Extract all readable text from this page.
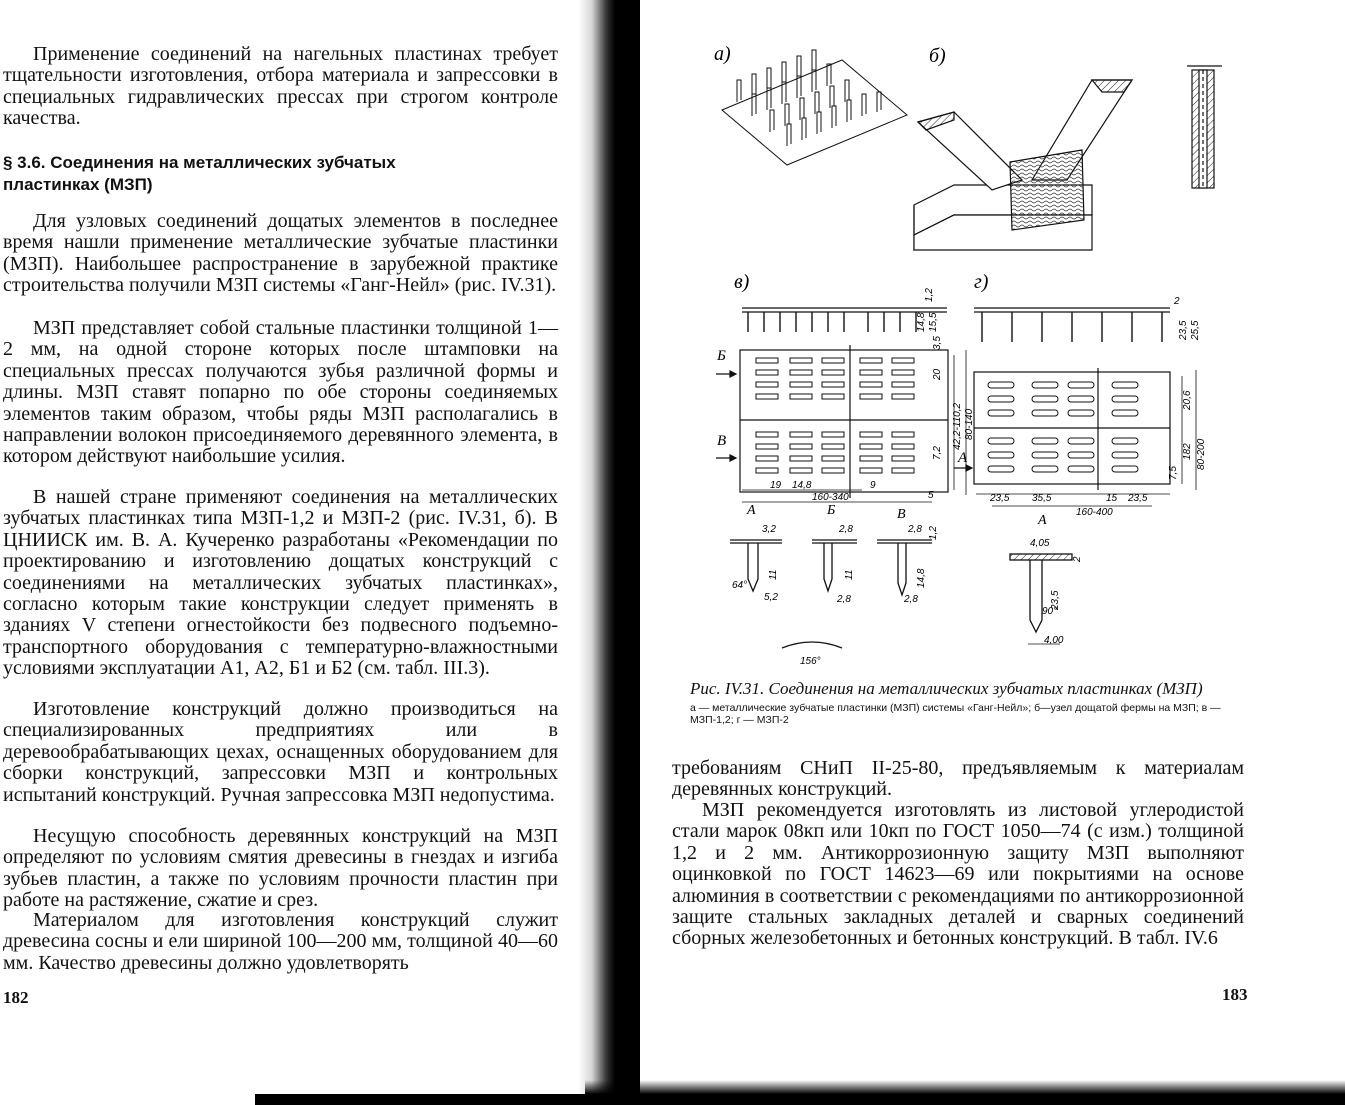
Применение соединений на нагельных пластинах требует тщательности изготовления, отбора материала и запрессовки в специальных гидравлических прессах при строгом контроле качества.

§ 3.6. Соединения на металлических зубчатых пластинках (МЗП)

Для узловых соединений дощатых элементов в последнее время нашли применение металлические зубчатые пластинки (МЗП). Наибольшее распространение в зарубежной практике строительства получили МЗП системы «Ганг-Нейл» (рис. IV.31).

МЗП представляет собой стальные пластинки толщиной 1—2 мм, на одной стороне которых после штамповки на специальных прессах получаются зубья различной формы и длины. МЗП ставят попарно по обе стороны соединяемых элементов таким образом, чтобы ряды МЗП располагались в направлении волокон присоединяемого деревянного элемента, в котором действуют наибольшие усилия.

В нашей стране применяют соединения на металлических зубчатых пластинках типа МЗП-1,2 и МЗП-2 (рис. IV.31, б). В ЦНИИСК им. В. А. Кучеренко разработаны «Рекомендации по проектированию и изготовлению дощатых конструкций с соединениями на металлических зубчатых пластинках», согласно которым такие конструкции следует применять в зданиях V степени огнестойкости без подвесного подъемно-транспортного оборудования с температурно-влажностными условиями эксплуатации А1, А2, Б1 и Б2 (см. табл. III.3).

Изготовление конструкций должно производиться на специализированных предприятиях или в деревообрабатывающих цехах, оснащенных оборудованием для сборки конструкций, запрессовки МЗП и контрольных испытаний конструкций. Ручная запрессовка МЗП недопустима.

Несущую способность деревянных конструкций на МЗП определяют по условиям смятия древесины в гнездах и изгиба зубьев пластин, а также по условиям прочности пластин при работе на растяжение, сжатие и срез.

Материалом для изготовления конструкций служит древесина сосны и ели шириной 100—200 мм, толщиной 40—60 мм. Качество древесины должно удовлетворять

182
а)	б)
в)
Б
В
19 14,8
160-340
9
80-140
42,2-110,2
20
7,2
5
3,5
1,2
14,8 15,5
А	Б	В
3,2	2,8	2,8 1,2
11	11	14,8
5,2	2,8	2,8
64°
156°
г)
А
23,5 35,5	15 23,5
160-400
80-200
20,6
182
2
23,5 25,5
7,5
А
4,05
2
23,5
90°
4,00

Рис. IV.31. Соединения на металлических зубчатых пластинках (МЗП)

а — металлические зубчатые пластинки (МЗП) системы «Ганг-Нейл»; б—узел дощатой фермы на МЗП; в — МЗП-1,2; г — МЗП-2

требованиям СНиП II-25-80, предъявляемым к материалам деревянных конструкций.

МЗП рекомендуется изготовлять из листовой углеродистой стали марок 08кп или 10кп по ГОСТ 1050—74 (с изм.) толщиной 1,2 и 2 мм. Антикоррозионную защиту МЗП выполняют оцинковкой по ГОСТ 14623—69 или покрытиями на основе алюминия в соответствии с рекомендациями по антикоррозионной защите стальных закладных деталей и сварных соединений сборных железобетонных и бетонных конструкций. В табл. IV.6

183
